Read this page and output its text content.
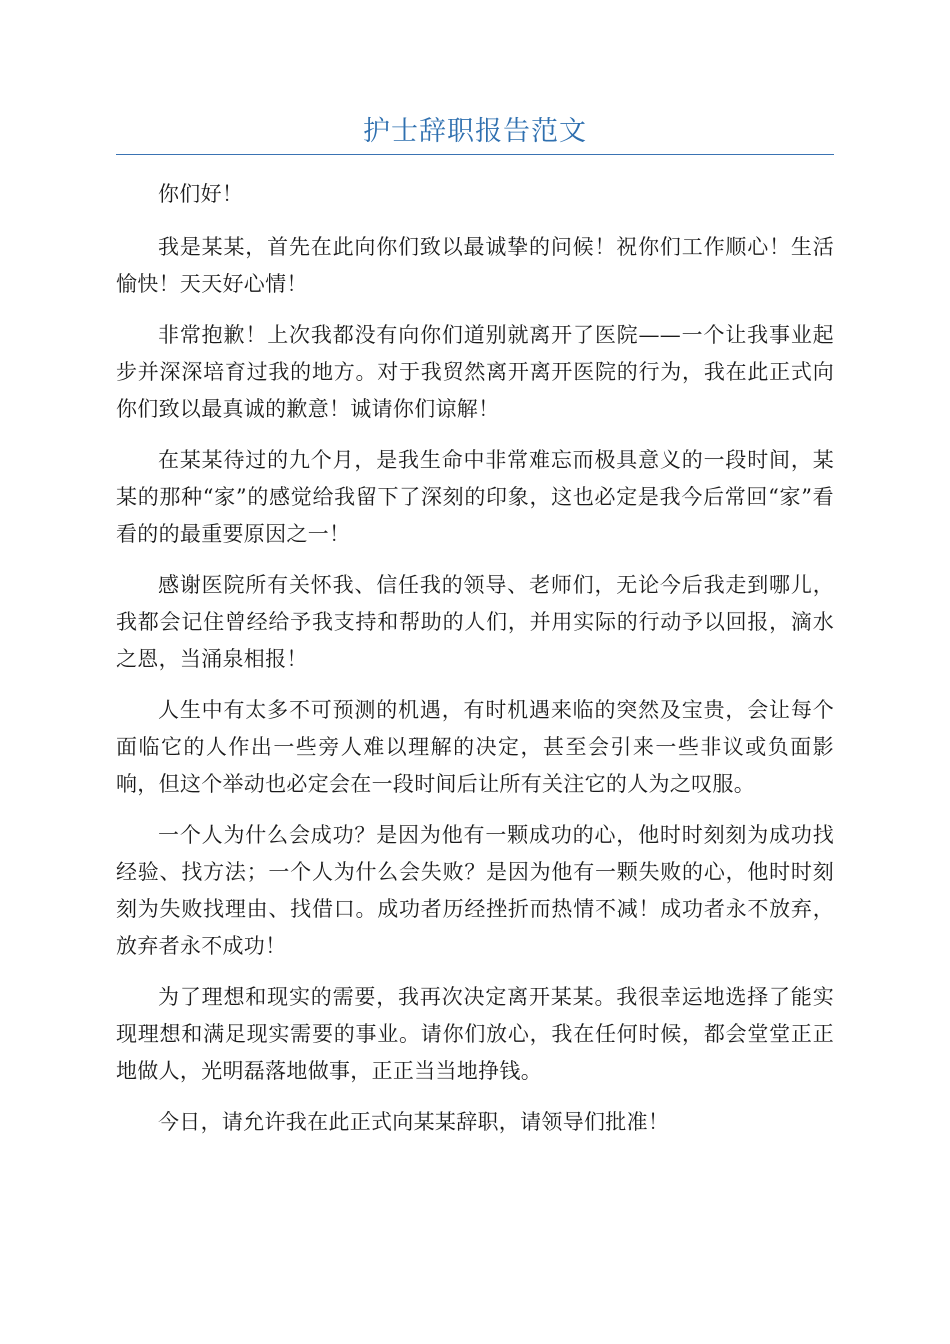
护士辞职报告范文

你们好！

我是某某，首先在此向你们致以最诚挚的问候！祝你们工作顺心！生活愉快！天天好心情！

非常抱歉！上次我都没有向你们道别就离开了医院——一个让我事业起步并深深培育过我的地方。对于我贸然离开离开医院的行为，我在此正式向你们致以最真诚的歉意！诚请你们谅解！

在某某待过的九个月，是我生命中非常难忘而极具意义的一段时间，某某的那种“家”的感觉给我留下了深刻的印象，这也必定是我今后常回“家”看看的的最重要原因之一！

感谢医院所有关怀我、信任我的领导、老师们，无论今后我走到哪儿，我都会记住曾经给予我支持和帮助的人们，并用实际的行动予以回报，滴水之恩，当涌泉相报！

人生中有太多不可预测的机遇，有时机遇来临的突然及宝贵，会让每个面临它的人作出一些旁人难以理解的决定，甚至会引来一些非议或负面影响，但这个举动也必定会在一段时间后让所有关注它的人为之叹服。

一个人为什么会成功？是因为他有一颗成功的心，他时时刻刻为成功找经验、找方法；一个人为什么会失败？是因为他有一颗失败的心，他时时刻刻为失败找理由、找借口。成功者历经挫折而热情不减！成功者永不放弃，放弃者永不成功！

为了理想和现实的需要，我再次决定离开某某。我很幸运地选择了能实现理想和满足现实需要的事业。请你们放心，我在任何时候，都会堂堂正正地做人，光明磊落地做事，正正当当地挣钱。

今日，请允许我在此正式向某某辞职，请领导们批准！
